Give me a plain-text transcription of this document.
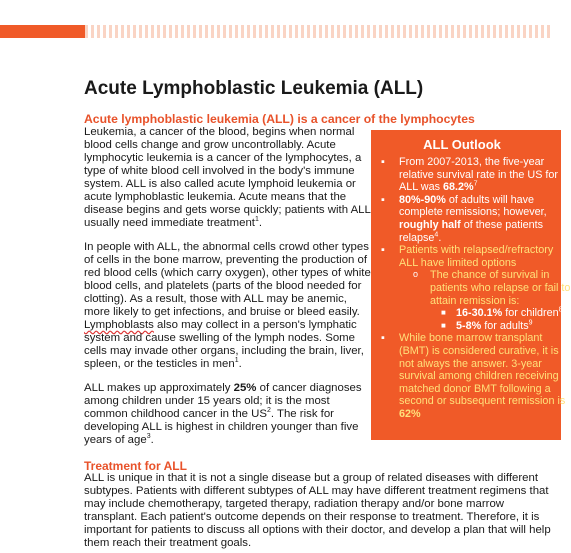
Acute Lymphoblastic Leukemia (ALL)
Acute lymphoblastic leukemia (ALL) is a cancer of the lymphocytes

Leukemia, a cancer of the blood, begins when normal blood cells change and grow uncontrollably. Acute lymphocytic leukemia is a cancer of the lymphocytes, a type of white blood cell involved in the body's immune system. ALL is also called acute lymphoid leukemia or acute lymphoblastic leukemia. Acute means that the disease begins and gets worse quickly; patients with ALL usually need immediate treatment$^1$.

In people with ALL, the abnormal cells crowd other types of cells in the bone marrow, preventing the production of red blood cells (which carry oxygen), other types of white blood cells, and platelets (parts of the blood needed for clotting). As a result, those with ALL may be anemic, more likely to get infections, and bruise or bleed easily. Lymphoblasts also may collect in a person's lymphatic system and cause swelling of the lymph nodes. Some cells may invade other organs, including the brain, liver, spleen, or the testicles in men$^1$.

ALL makes up approximately 25% of cancer diagnoses among children under 15 years old; it is the most common childhood cancer in the $US^2$. The risk for developing ALL is highest in children younger than five years of age$^3$.

Treatment for ALL

ALL is unique in that it is not a single disease but a group of related diseases with different subtypes. Patients with different subtypes of ALL may have different treatment regimens that may include chemotherapy, targeted therapy, radiation therapy and/or bone marrow transplant. Each patient's outcome depends on their response to treatment. Therefore, it is important for patients to discuss all options with their doctor, and develop a plan that will help them reach their treatment goals.

ALL Outlook
▪ From 2007-2013, the five-year relative survival rate in the US for ALL was 68.2%$^7$
▪ 80%-90% of adults will have complete remissions; however, roughly half of these patients relapse$^4$.
▪ Patients with relapsed/refractory ALL have limited options
o The chance of survival in patients who relapse or fail to attain remission is:
■ 16-30.1% for children$^8$
■ 5-8% for adults$^9$
▪ While bone marrow transplant (BMT) is considered curative, it is not always the answer. 3-year survival among children receiving matched donor BMT following a second or subsequent remission is 62%
